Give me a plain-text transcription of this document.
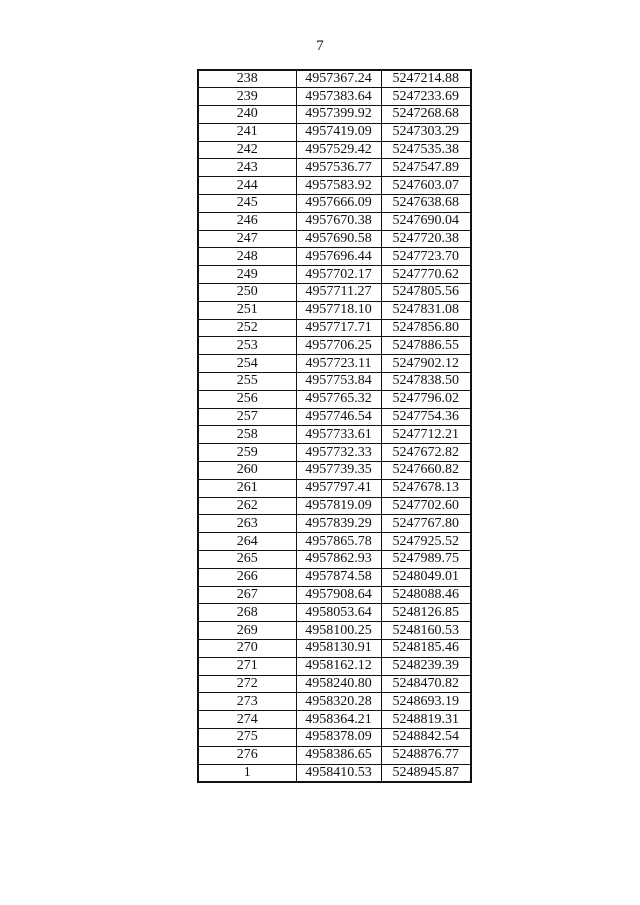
7
238	4957367.24	5247214.88
239	4957383.64	5247233.69
240	4957399.92	5247268.68
241	4957419.09	5247303.29
242	4957529.42	5247535.38
243	4957536.77	5247547.89
244	4957583.92	5247603.07
245	4957666.09	5247638.68
246	4957670.38	5247690.04
247	4957690.58	5247720.38
248	4957696.44	5247723.70
249	4957702.17	5247770.62
250	4957711.27	5247805.56
251	4957718.10	5247831.08
252	4957717.71	5247856.80
253	4957706.25	5247886.55
254	4957723.11	5247902.12
255	4957753.84	5247838.50
256	4957765.32	5247796.02
257	4957746.54	5247754.36
258	4957733.61	5247712.21
259	4957732.33	5247672.82
260	4957739.35	5247660.82
261	4957797.41	5247678.13
262	4957819.09	5247702.60
263	4957839.29	5247767.80
264	4957865.78	5247925.52
265	4957862.93	5247989.75
266	4957874.58	5248049.01
267	4957908.64	5248088.46
268	4958053.64	5248126.85
269	4958100.25	5248160.53
270	4958130.91	5248185.46
271	4958162.12	5248239.39
272	4958240.80	5248470.82
273	4958320.28	5248693.19
274	4958364.21	5248819.31
275	4958378.09	5248842.54
276	4958386.65	5248876.77
1	4958410.53	5248945.87
